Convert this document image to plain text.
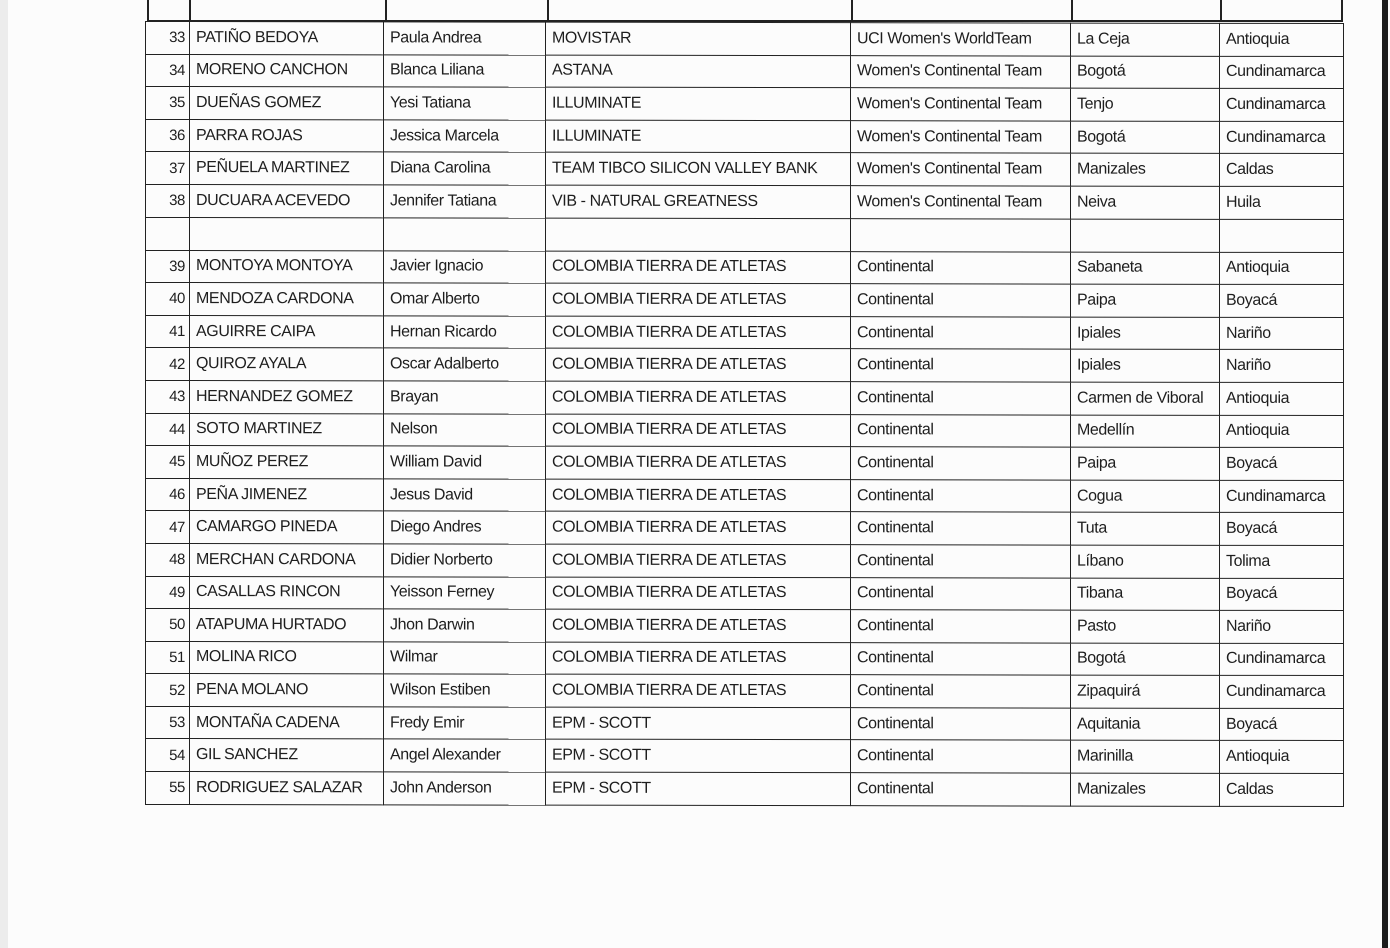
33	PATIÑO BEDOYA	Paula Andrea	MOVISTAR	UCI Women's WorldTeam	La Ceja	Antioquia
34	MORENO CANCHON	Blanca Liliana	ASTANA	Women's Continental Team	Bogotá	Cundinamarca
35	DUEÑAS GOMEZ	Yesi Tatiana	ILLUMINATE	Women's Continental Team	Tenjo	Cundinamarca
36	PARRA ROJAS	Jessica Marcela	ILLUMINATE	Women's Continental Team	Bogotá	Cundinamarca
37	PEÑUELA MARTINEZ	Diana Carolina	TEAM TIBCO SILICON VALLEY BANK	Women's Continental Team	Manizales	Caldas
38	DUCUARA ACEVEDO	Jennifer Tatiana	VIB - NATURAL GREATNESS	Women's Continental Team	Neiva	Huila

39	MONTOYA MONTOYA	Javier Ignacio	COLOMBIA TIERRA DE ATLETAS	Continental	Sabaneta	Antioquia
40	MENDOZA CARDONA	Omar Alberto	COLOMBIA TIERRA DE ATLETAS	Continental	Paipa	Boyacá
41	AGUIRRE CAIPA	Hernan Ricardo	COLOMBIA TIERRA DE ATLETAS	Continental	Ipiales	Nariño
42	QUIROZ AYALA	Oscar Adalberto	COLOMBIA TIERRA DE ATLETAS	Continental	Ipiales	Nariño
43	HERNANDEZ GOMEZ	Brayan	COLOMBIA TIERRA DE ATLETAS	Continental	Carmen de Viboral	Antioquia
44	SOTO MARTINEZ	Nelson	COLOMBIA TIERRA DE ATLETAS	Continental	Medellín	Antioquia
45	MUÑOZ PEREZ	William David	COLOMBIA TIERRA DE ATLETAS	Continental	Paipa	Boyacá
46	PEÑA JIMENEZ	Jesus David	COLOMBIA TIERRA DE ATLETAS	Continental	Cogua	Cundinamarca
47	CAMARGO PINEDA	Diego Andres	COLOMBIA TIERRA DE ATLETAS	Continental	Tuta	Boyacá
48	MERCHAN CARDONA	Didier Norberto	COLOMBIA TIERRA DE ATLETAS	Continental	Líbano	Tolima
49	CASALLAS RINCON	Yeisson Ferney	COLOMBIA TIERRA DE ATLETAS	Continental	Tibana	Boyacá
50	ATAPUMA HURTADO	Jhon Darwin	COLOMBIA TIERRA DE ATLETAS	Continental	Pasto	Nariño
51	MOLINA RICO	Wilmar	COLOMBIA TIERRA DE ATLETAS	Continental	Bogotá	Cundinamarca
52	PENA MOLANO	Wilson Estiben	COLOMBIA TIERRA DE ATLETAS	Continental	Zipaquirá	Cundinamarca
53	MONTAÑA CADENA	Fredy Emir	EPM - SCOTT	Continental	Aquitania	Boyacá
54	GIL SANCHEZ	Angel Alexander	EPM - SCOTT	Continental	Marinilla	Antioquia
55	RODRIGUEZ SALAZAR	John Anderson	EPM - SCOTT	Continental	Manizales	Caldas
